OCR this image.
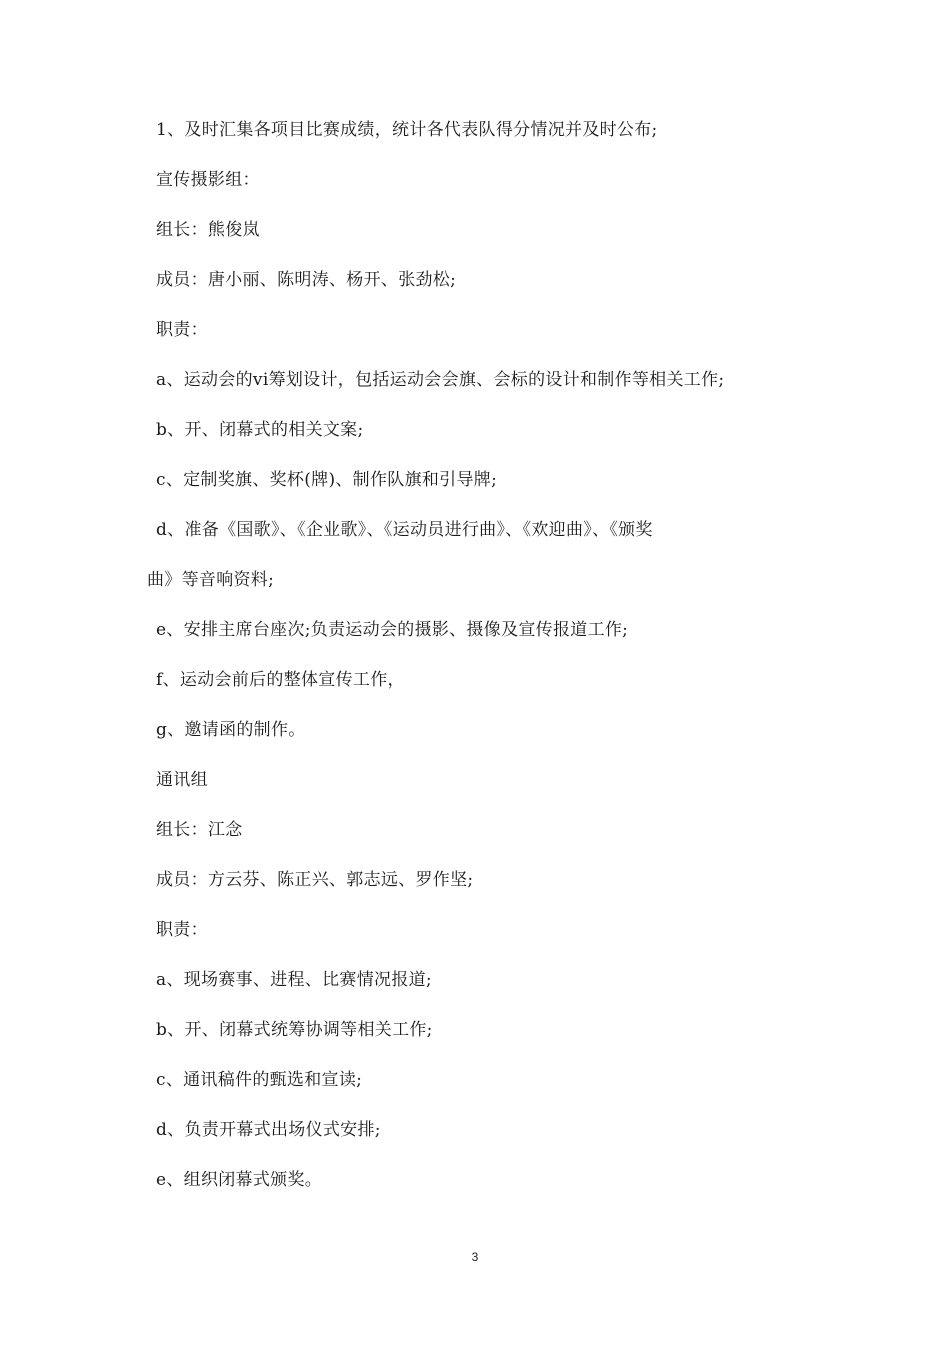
1、及时汇集各项目比赛成绩，统计各代表队得分情况并及时公布;
宣传摄影组：
组长：熊俊岚
成员：唐小丽、陈明涛、杨开、张劲松;
职责：
a、运动会的vi筹划设计，包括运动会会旗、会标的设计和制作等相关工作;
b、开、闭幕式的相关文案;
c、定制奖旗、奖杯(牌)、制作队旗和引导牌;
d、准备《国歌》、《企业歌》、《运动员进行曲》、《欢迎曲》、《颁奖
曲》等音响资料;
e、安排主席台座次;负责运动会的摄影、摄像及宣传报道工作;
f、运动会前后的整体宣传工作，
g、邀请函的制作。
通讯组
组长：江念
成员：方云芬、陈正兴、郭志远、罗作坚;
职责：
a、现场赛事、进程、比赛情况报道;
b、开、闭幕式统筹协调等相关工作;
c、通讯稿件的甄选和宣读;
d、负责开幕式出场仪式安排;
e、组织闭幕式颁奖。
3
